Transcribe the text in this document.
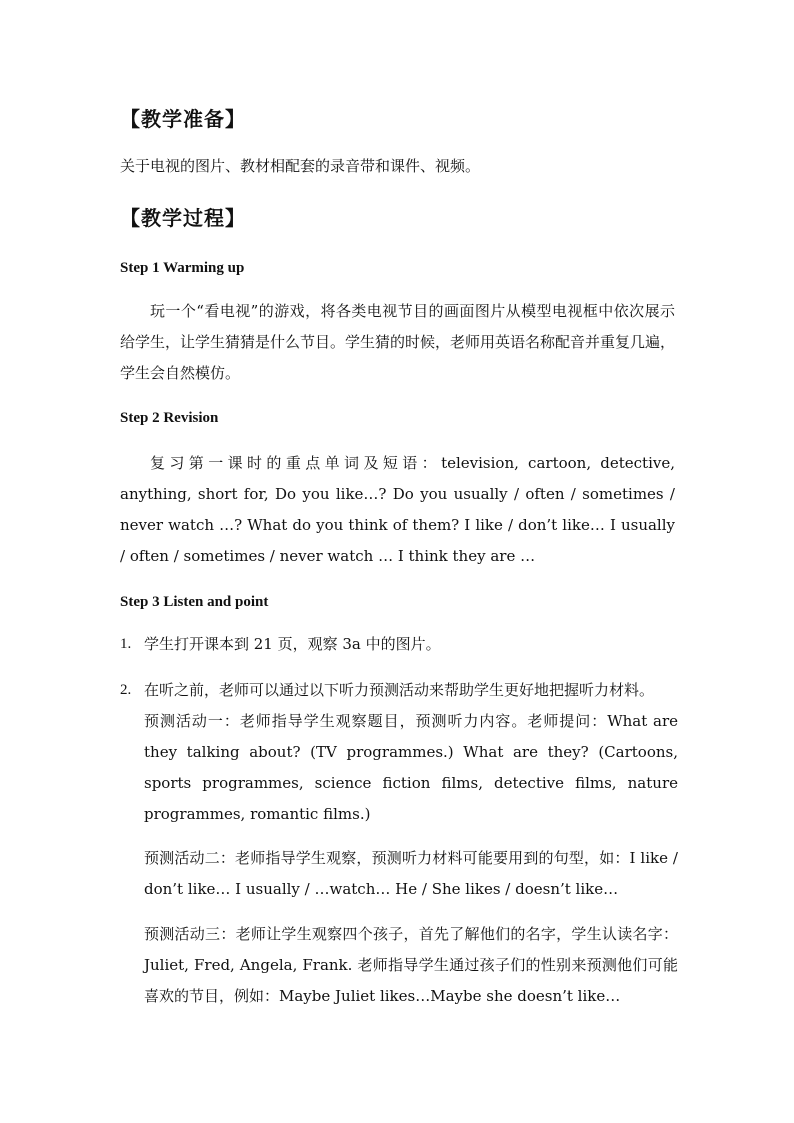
【教学准备】
关于电视的图片、教材相配套的录音带和课件、视频。
【教学过程】
Step 1 Warming up
玩一个“看电视”的游戏，将各类电视节目的画面图片从模型电视框中依次展示给学生，让学生猜猜是什么节目。学生猜的时候，老师用英语名称配音并重复几遍，学生会自然模仿。
Step 2 Revision
复习第一课时的重点单词及短语：television, cartoon, detective, anything, short for, Do you like…? Do you usually / often / sometimes / never watch …? What do you think of them? I like / don’t like… I usually / often / sometimes / never watch … I think they are …
Step 3 Listen and point
1. 学生打开课本到 21 页，观察 3a 中的图片。
2. 在听之前，老师可以通过以下听力预测活动来帮助学生更好地把握听力材料。
预测活动一：老师指导学生观察题目，预测听力内容。老师提问：What are they talking about? (TV programmes.) What are they? (Cartoons, sports programmes, science fiction films, detective films, nature programmes, romantic films.)
预测活动二：老师指导学生观察，预测听力材料可能要用到的句型，如：I like / don’t like… I usually / …watch… He / She likes / doesn’t like…
预测活动三：老师让学生观察四个孩子，首先了解他们的名字，学生认读名字：Juliet, Fred, Angela, Frank. 老师指导学生通过孩子们的性别来预测他们可能喜欢的节目，例如：Maybe Juliet likes…Maybe she doesn’t like…
